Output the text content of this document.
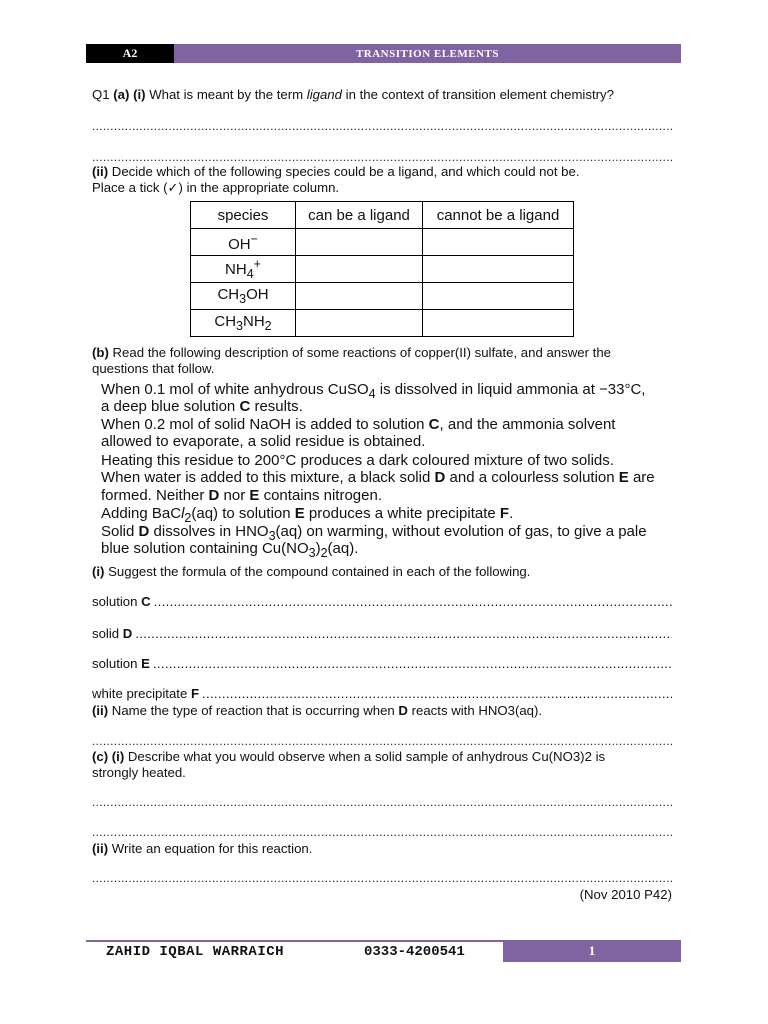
A2	TRANSITION ELEMENTS
Q1 (a) (i) What is meant by the term ligand in the context of transition element chemistry?
.....
.....
(ii) Decide which of the following species could be a ligand, and which could not be.
Place a tick (✓) in the appropriate column.
species	can be a ligand	cannot be a ligand
OH−		
$NH_4^+$		
$CH_3OH$		
$CH_3NH_2$		
(b) Read the following description of some reactions of copper(II) sulfate, and answer the
questions that follow.
When 0.1 mol of white anhydrous CuSO$_4$ is dissolved in liquid ammonia at −33°C,
a deep blue solution C results.
When 0.2 mol of solid NaOH is added to solution C, and the ammonia solvent
allowed to evaporate, a solid residue is obtained.
Heating this residue to 200°C produces a dark coloured mixture of two solids.
When water is added to this mixture, a black solid D and a colourless solution E are
formed. Neither D nor E contains nitrogen.
Adding BaCl$_2$(aq) to solution E produces a white precipitate F.
Solid D dissolves in $HNO_3(aq)$ on warming, without evolution of gas, to give a pale
blue solution containing $Cu(NO_3)_2(aq)$.
(i) Suggest the formula of the compound contained in each of the following.
solution C
.....
solid D
.....
solution E
.....
white precipitate F
.....
(ii) Name the type of reaction that is occurring when D reacts with HNO3(aq).
.....
(c) (i) Describe what you would observe when a solid sample of anhydrous Cu(NO3)2 is
strongly heated.
.....
.....
(ii) Write an equation for this reaction.
.....
(Nov 2010 P42)
ZAHID IQBAL WARRAICH	0333-4200541	1
